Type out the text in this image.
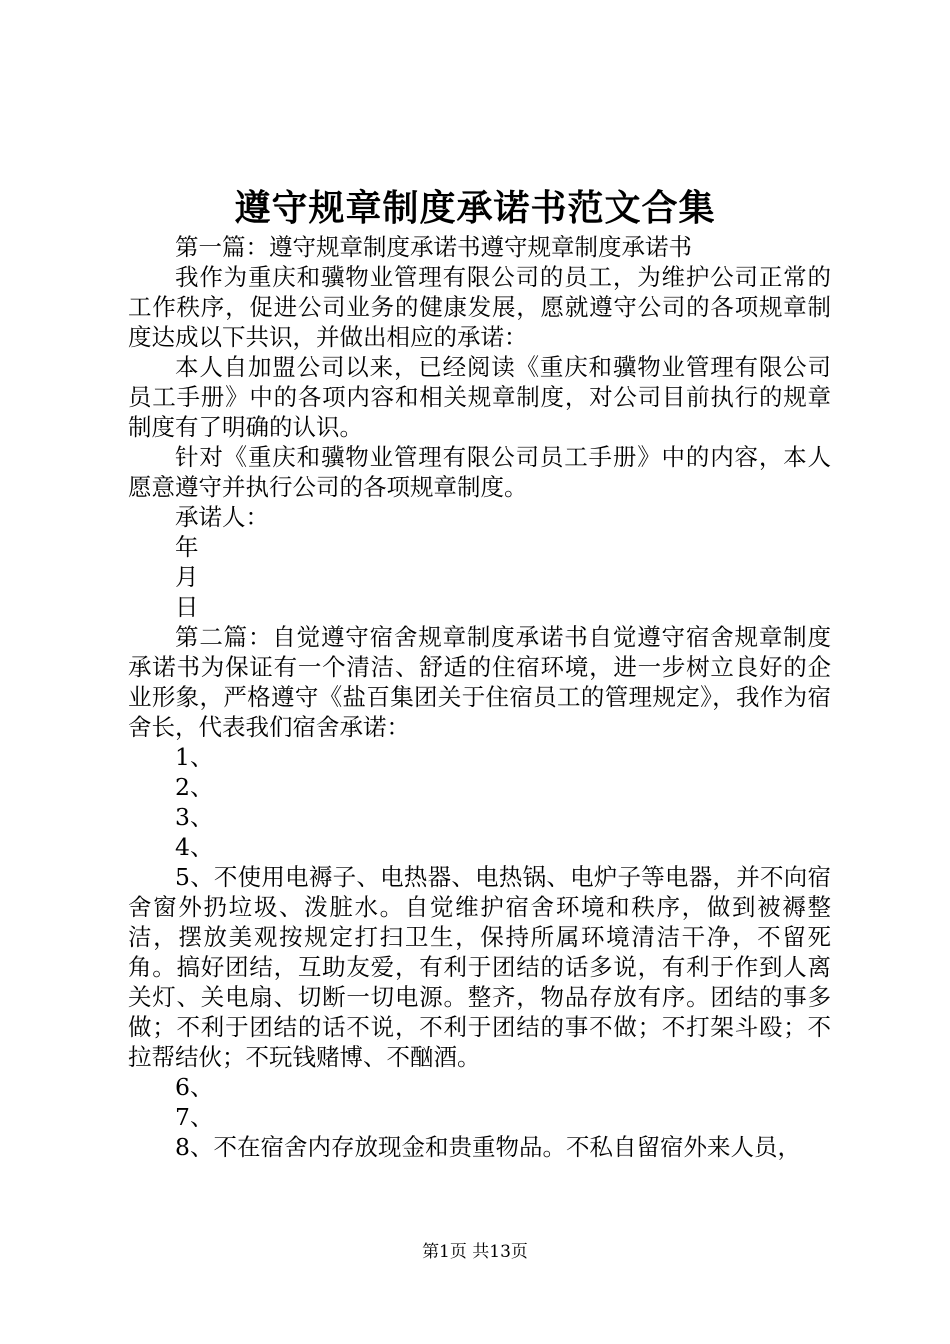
遵守规章制度承诺书范文合集

第一篇：遵守规章制度承诺书遵守规章制度承诺书

我作为重庆和骥物业管理有限公司的员工，为维护公司正常的工作秩序，促进公司业务的健康发展，愿就遵守公司的各项规章制度达成以下共识，并做出相应的承诺：

本人自加盟公司以来，已经阅读《重庆和骥物业管理有限公司员工手册》中的各项内容和相关规章制度，对公司目前执行的规章制度有了明确的认识。

针对《重庆和骥物业管理有限公司员工手册》中的内容，本人愿意遵守并执行公司的各项规章制度。

承诺人：

年

月

日

第二篇：自觉遵守宿舍规章制度承诺书自觉遵守宿舍规章制度承诺书为保证有一个清洁、舒适的住宿环境，进一步树立良好的企业形象，严格遵守《盐百集团关于住宿员工的管理规定》，我作为宿舍长，代表我们宿舍承诺：

1、

2、

3、

4、

5、不使用电褥子、电热器、电热锅、电炉子等电器，并不向宿舍窗外扔垃圾、泼脏水。自觉维护宿舍环境和秩序，做到被褥整洁，摆放美观按规定打扫卫生，保持所属环境清洁干净，不留死角。搞好团结，互助友爱，有利于团结的话多说，有利于作到人离关灯、关电扇、切断一切电源。整齐，物品存放有序。团结的事多做；不利于团结的话不说，不利于团结的事不做；不打架斗殴；不拉帮结伙；不玩钱赌博、不酗酒。

6、

7、

8、不在宿舍内存放现金和贵重物品。不私自留宿外来人员，

第1页 共13页
